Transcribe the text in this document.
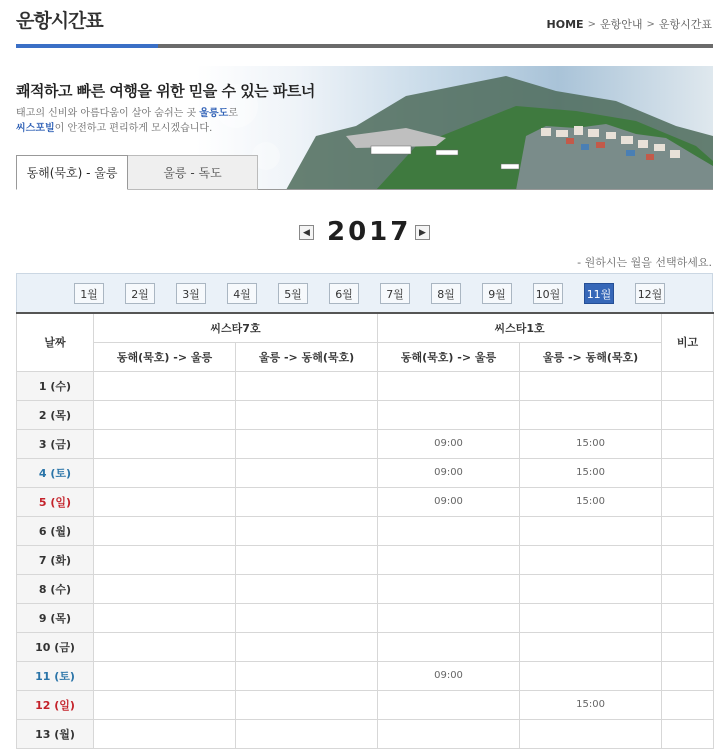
운항시간표	HOME > 운항안내 > 운항시간표
쾌적하고 빠른 여행을 위한 믿을 수 있는 파트너
태고의 신비와 아름다움이 살아 숨쉬는 곳 울릉도로
씨스포빌이 안전하고 편리하게 모시겠습니다.
동해(묵호) - 울릉	울릉 - 독도
◀ 2017 ▶
- 원하시는 월을 선택하세요.
1월	2월	3월	4월	5월	6월	7월	8월	9월	10월 11월 12월
날짜	씨스타7호		씨스타1호		비고
	동해(묵호) -> 울릉	울릉 -> 동해(묵호)	동해(묵호) -> 울릉	울릉 -> 동해(묵호)	
1 (수)					
2 (목)					
3 (금)			09:00	15:00	
4 (토)			09:00	15:00	
5 (일)			09:00	15:00	
6 (월)					
7 (화)					
8 (수)					
9 (목)					
10 (금)					
11 (토)			09:00		
12 (일)				15:00	
13 (월)					
